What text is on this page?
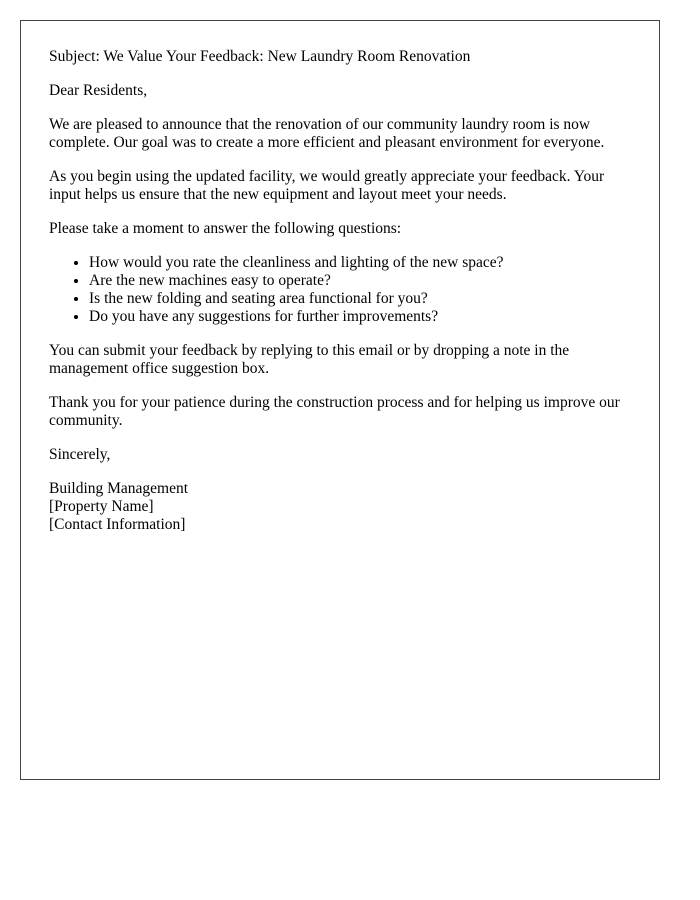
Subject: We Value Your Feedback: New Laundry Room Renovation

Dear Residents,

We are pleased to announce that the renovation of our community laundry room is now complete. Our goal was to create a more efficient and pleasant environment for everyone.

As you begin using the updated facility, we would greatly appreciate your feedback. Your input helps us ensure that the new equipment and layout meet your needs.

Please take a moment to answer the following questions:

• How would you rate the cleanliness and lighting of the new space?
• Are the new machines easy to operate?
• Is the new folding and seating area functional for you?
• Do you have any suggestions for further improvements?

You can submit your feedback by replying to this email or by dropping a note in the management office suggestion box.

Thank you for your patience during the construction process and for helping us improve our community.

Sincerely,

Building Management
[Property Name]
[Contact Information]
